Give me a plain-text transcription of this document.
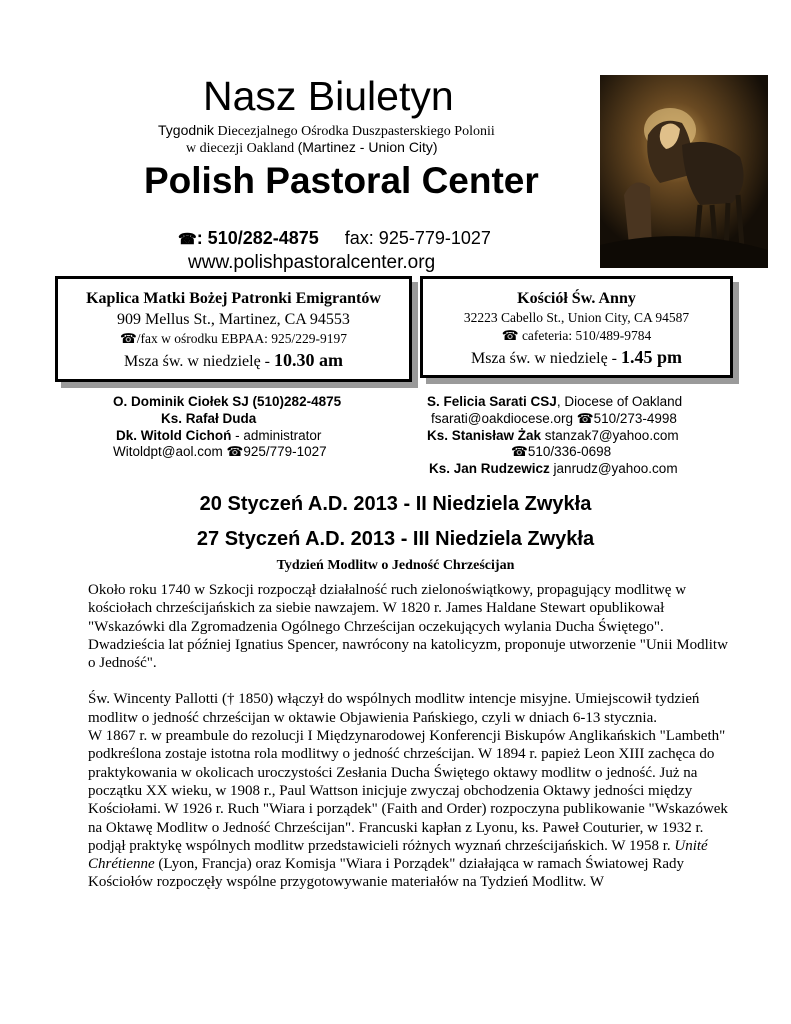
Nasz Biuletyn
Tygodnik Diecezjalnego Ośrodka Duszpasterskiego Polonii
w diecezji Oakland (Martinez - Union City)
Polish Pastoral Center
☎: 510/282-4875 fax: 925-779-1027
www.polishpastoralcenter.org
Kaplica Matki Bożej Patronki Emigrantów
909 Mellus St., Martinez, CA 94553
☎/fax w ośrodku EBPAA: 925/229-9197
Msza św. w niedzielę - 10.30 am
Kościół Św. Anny
32223 Cabello St., Union City, CA 94587
☎ cafeteria: 510/489-9784
Msza św. w niedzielę - 1.45 pm
O. Dominik Ciołek SJ (510)282-4875
Ks. Rafał Duda
Dk. Witold Cichoń - administrator
Witoldpt@aol.com ☎925/779-1027
S. Felicia Sarati CSJ, Diocese of Oakland
fsarati@oakdiocese.org ☎510/273-4998
Ks. Stanisław Żak stanzak7@yahoo.com
☎510/336-0698
Ks. Jan Rudzewicz janrudz@yahoo.com
20 Styczeń A.D. 2013 - II Niedziela Zwykła
27 Styczeń A.D. 2013 - III Niedziela Zwykła
Tydzień Modlitw o Jedność Chrześcijan

Około roku 1740 w Szkocji rozpoczął działalność ruch zielonoświątkowy, propagujący modlitwę w kościołach chrześcijańskich za siebie nawzajem. W 1820 r. James Haldane Stewart opublikował "Wskazówki dla Zgromadzenia Ogólnego Chrześcijan oczekujących wylania Ducha Świętego". Dwadzieścia lat później Ignatius Spencer, nawrócony na katolicyzm, proponuje utworzenie "Unii Modlitw o Jedność".

Św. Wincenty Pallotti († 1850) włączył do wspólnych modlitw intencje misyjne. Umiejscowił tydzień modlitw o jedność chrześcijan w oktawie Objawienia Pańskiego, czyli w dniach 6-13 stycznia.

W 1867 r. w preambule do rezolucji I Międzynarodowej Konferencji Biskupów Anglikańskich "Lambeth" podkreślona zostaje istotna rola modlitwy o jedność chrześcijan. W 1894 r. papież Leon XIII zachęca do praktykowania w okolicach uroczystości Zesłania Ducha Świętego oktawy modlitw o jedność. Już na początku XX wieku, w 1908 r., Paul Wattson inicjuje zwyczaj obchodzenia Oktawy jedności między Kościołami. W 1926 r. Ruch "Wiara i porządek" (Faith and Order) rozpoczyna publikowanie "Wskazówek na Oktawę Modlitw o Jedność Chrześcijan". Francuski kapłan z Lyonu, ks. Paweł Couturier, w 1932 r. podjął praktykę wspólnych modlitw przedstawicieli różnych wyznań chrześcijańskich. W 1958 r. Unité Chrétienne (Lyon, Francja) oraz Komisja "Wiara i Porządek" działająca w ramach Światowej Rady Kościołów rozpoczęły wspólne przygotowywanie materiałów na Tydzień Modlitw. W
